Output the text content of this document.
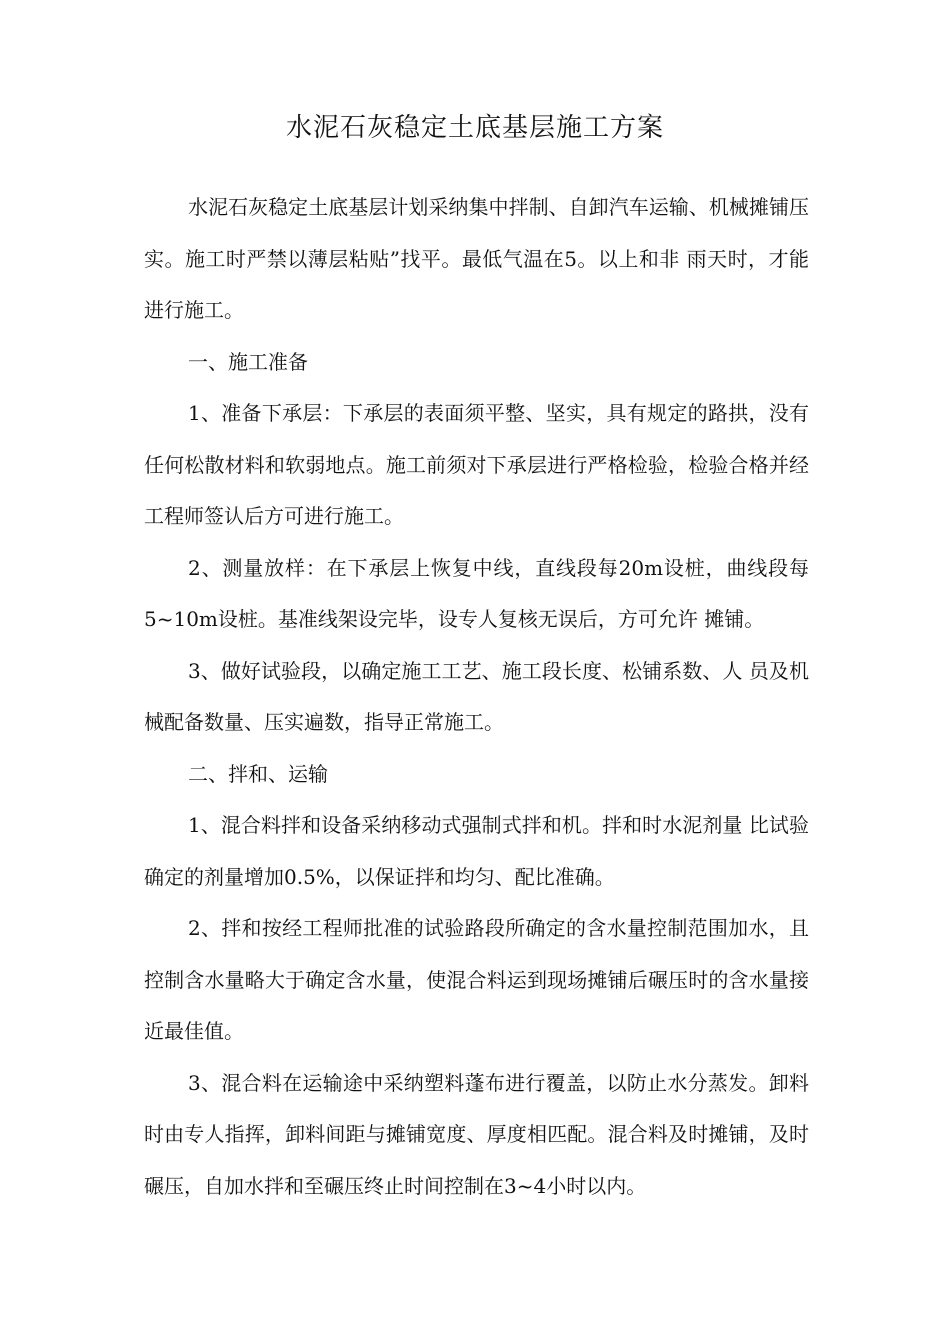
水泥石灰稳定土底基层施工方案

水泥石灰稳定土底基层计划采纳集中拌制、自卸汽车运输、机械摊铺压实。施工时严禁以薄层粘贴”找平。最低气温在5。以上和非 雨天时，才能进行施工。

一、施工准备

1、准备下承层：下承层的表面须平整、坚实，具有规定的路拱，没有任何松散材料和软弱地点。施工前须对下承层进行严格检验，检验合格并经工程师签认后方可进行施工。

2、测量放样：在下承层上恢复中线，直线段每20m设桩，曲线段每5~10m设桩。基准线架设完毕，设专人复核无误后，方可允许 摊铺。

3、做好试验段，以确定施工工艺、施工段长度、松铺系数、人 员及机械配备数量、压实遍数，指导正常施工。

二、拌和、运输

1、混合料拌和设备采纳移动式强制式拌和机。拌和时水泥剂量 比试验确定的剂量增加0.5%，以保证拌和均匀、配比准确。

2、拌和按经工程师批准的试验路段所确定的含水量控制范围加水，且控制含水量略大于确定含水量，使混合料运到现场摊铺后碾压时的含水量接近最佳值。

3、混合料在运输途中采纳塑料蓬布进行覆盖，以防止水分蒸发。卸料时由专人指挥，卸料间距与摊铺宽度、厚度相匹配。混合料及时摊铺，及时碾压，自加水拌和至碾压终止时间控制在3~4小时以内。
